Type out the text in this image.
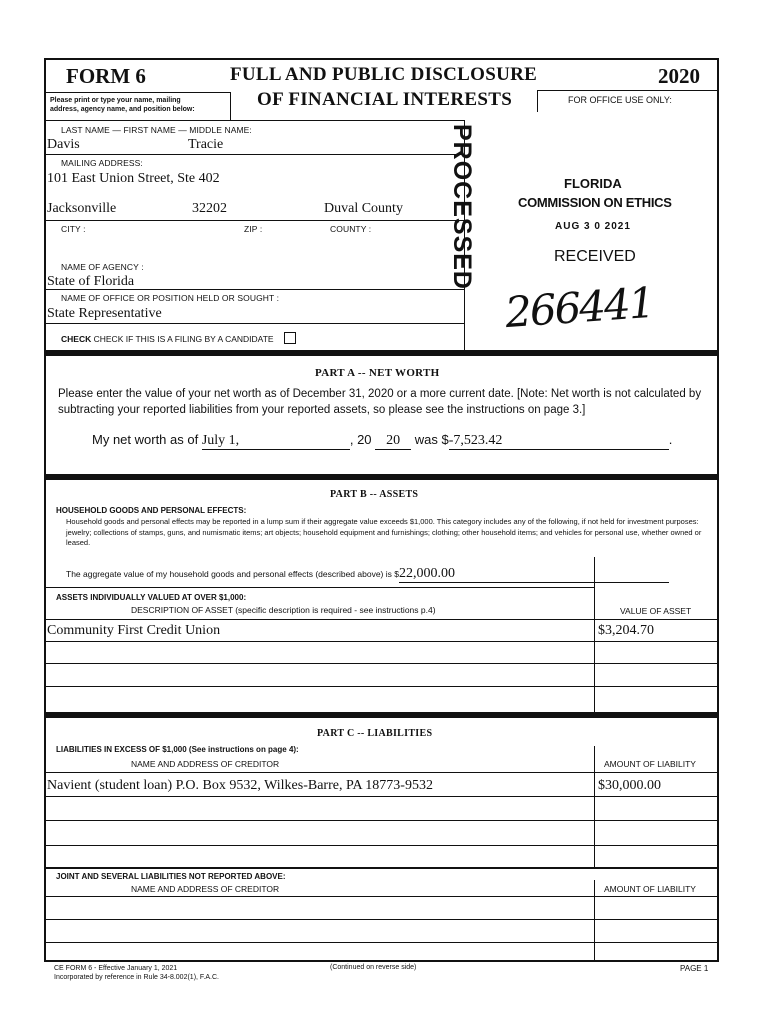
FORM 6	FULL AND PUBLIC DISCLOSURE
OF FINANCIAL INTERESTS
2020
Please print or type your name, mailing
address, agency name, and position below:
FOR OFFICE USE ONLY:
LAST NAME — FIRST NAME — MIDDLE NAME:
Davis	Tracie
MAILING ADDRESS:
101 East Union Street, Ste 402
Jacksonville	32202	Duval County
CITY :	ZIP :	COUNTY :
NAME OF AGENCY :
State of Florida
NAME OF OFFICE OR POSITION HELD OR SOUGHT :
State Representative
CHECK CHECK IF THIS IS A FILING BY A CANDIDATE
PROCESSED	FLORIDA
COMMISSION ON ETHICS
AUG 3 0 2021
RECEIVED
266441
PART A -- NET WORTH
Please enter the value of your net worth as of December 31, 2020 or a more current date. [Note: Net worth is not calculated by subtracting your reported liabilities from your reported assets, so please see the instructions on page 3.]
My net worth as of July 1,	, 20 20 was $-7,523.42	.
PART B -- ASSETS
HOUSEHOLD GOODS AND PERSONAL EFFECTS:
Household goods and personal effects may be reported in a lump sum if their aggregate value exceeds $1,000. This category includes any of the following, if not held for investment purposes: jewelry; collections of stamps, guns, and numismatic items; art objects; household equipment and furnishings; clothing; other household items; and vehicles for personal use, whether owned or leased.
The aggregate value of my household goods and personal effects (described above) is $22,000.00
ASSETS INDIVIDUALLY VALUED AT OVER $1,000:
DESCRIPTION OF ASSET (specific description is required - see instructions p.4)	VALUE OF ASSET
Community First Credit Union	$3,204.70
PART C -- LIABILITIES
LIABILITIES IN EXCESS OF $1,000 (See instructions on page 4):
NAME AND ADDRESS OF CREDITOR	AMOUNT OF LIABILITY
Navient (student loan) P.O. Box 9532, Wilkes-Barre, PA 18773-9532	$30,000.00
JOINT AND SEVERAL LIABILITIES NOT REPORTED ABOVE:
NAME AND ADDRESS OF CREDITOR	AMOUNT OF LIABILITY
CE FORM 6 - Effective January 1, 2021
Incorporated by reference in Rule 34-8.002(1), F.A.C.
(Continued on reverse side)	PAGE 1
